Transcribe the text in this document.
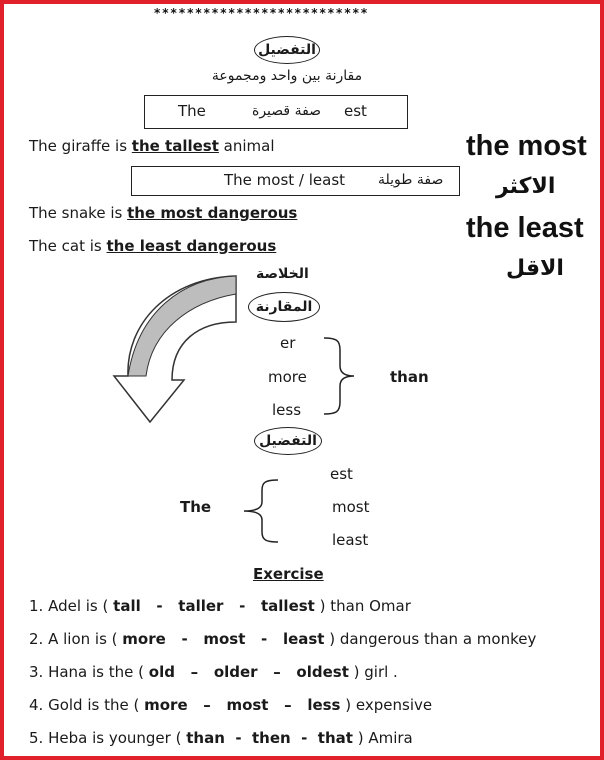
**************************
التفضيل
مقارنة بين واحد ومجموعة
The	صفة قصيرة est
The giraffe is the tallest animal
The most / least صفة طويلة
The snake is the most dangerous
The cat is the least dangerous
the most
الاكثر
the least
الاقل
الخلاصة
المقارنة
er
more
less
than
التفضيل
The
est
most
least
Exercise
1. Adel is ( tall   -   taller   -   tallest ) than Omar
2. A lion is ( more   -   most   -   least ) dangerous than a monkey
3. Hana is the ( old   –   older   –   oldest ) girl .
4. Gold is the ( more   –   most   –   less ) expensive
5. Heba is younger ( than  -  then  -  that ) Amira
